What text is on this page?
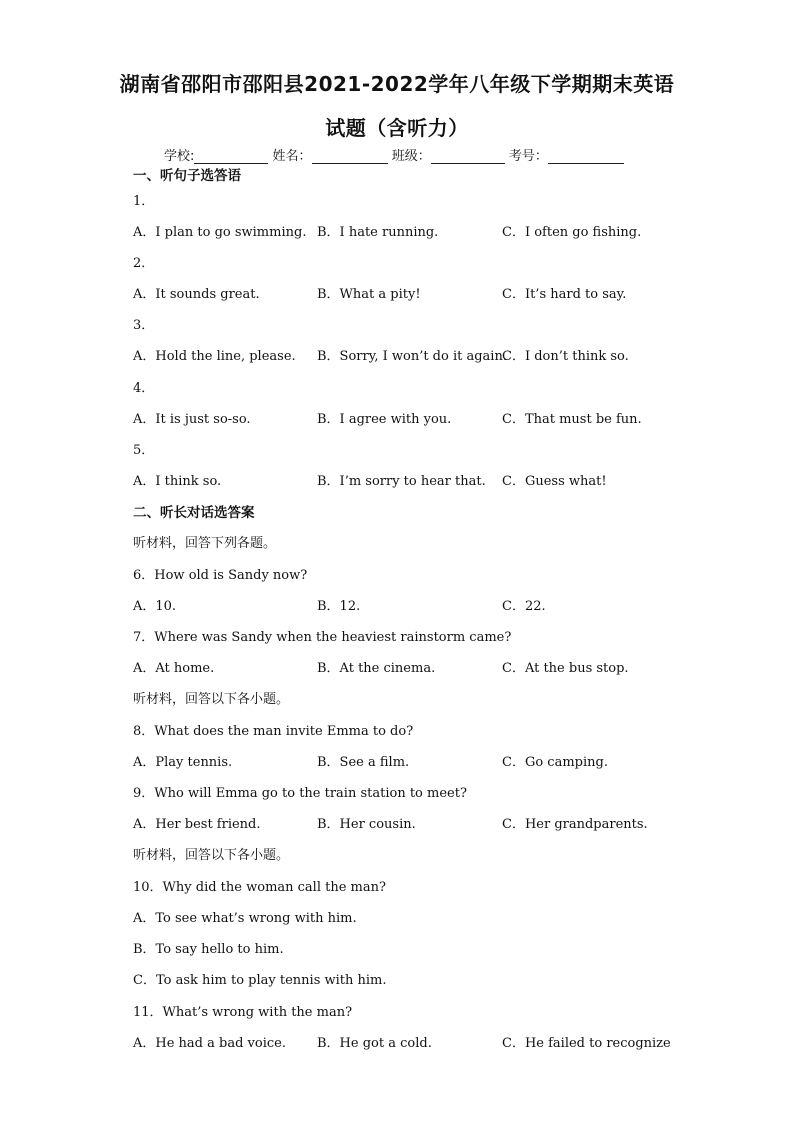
湖南省邵阳市邵阳县2021-2022学年八年级下学期期末英语
试题（含听力）
学校:	姓名：	班级：	考号：
一、听句子选答语
1．
A．I plan to go swimming. B．I hate running.	C．I often go fishing.
2．
A．It sounds great.	B．What a pity!	C．It’s hard to say.
3．
A．Hold the line, please. B．Sorry, I won’t do it again.
C．I don’t think so.
4．
A．It is just so-so.	B．I agree with you.	C．That must be fun.
5．
A．I think so.	B．I’m sorry to hear that. C．Guess what!
二、听长对话选答案
听材料，回答下列各题。
6．How old is Sandy now?
A．10.	B．12.	C．22.
7．Where was Sandy when the heaviest rainstorm came?
A．At home.	B．At the cinema.	C．At the bus stop.
听材料，回答以下各小题。
8．What does the man invite Emma to do?
A．Play tennis.	B．See a film.	C．Go camping.
9．Who will Emma go to the train station to meet?
A．Her best friend.	B．Her cousin.	C．Her grandparents.
听材料，回答以下各小题。
10．Why did the woman call the man?
A．To see what’s wrong with him.
B．To say hello to him.
C．To ask him to play tennis with him.
11．What’s wrong with the man?
A．He had a bad voice. B．He got a cold.	C．He failed to recognize
